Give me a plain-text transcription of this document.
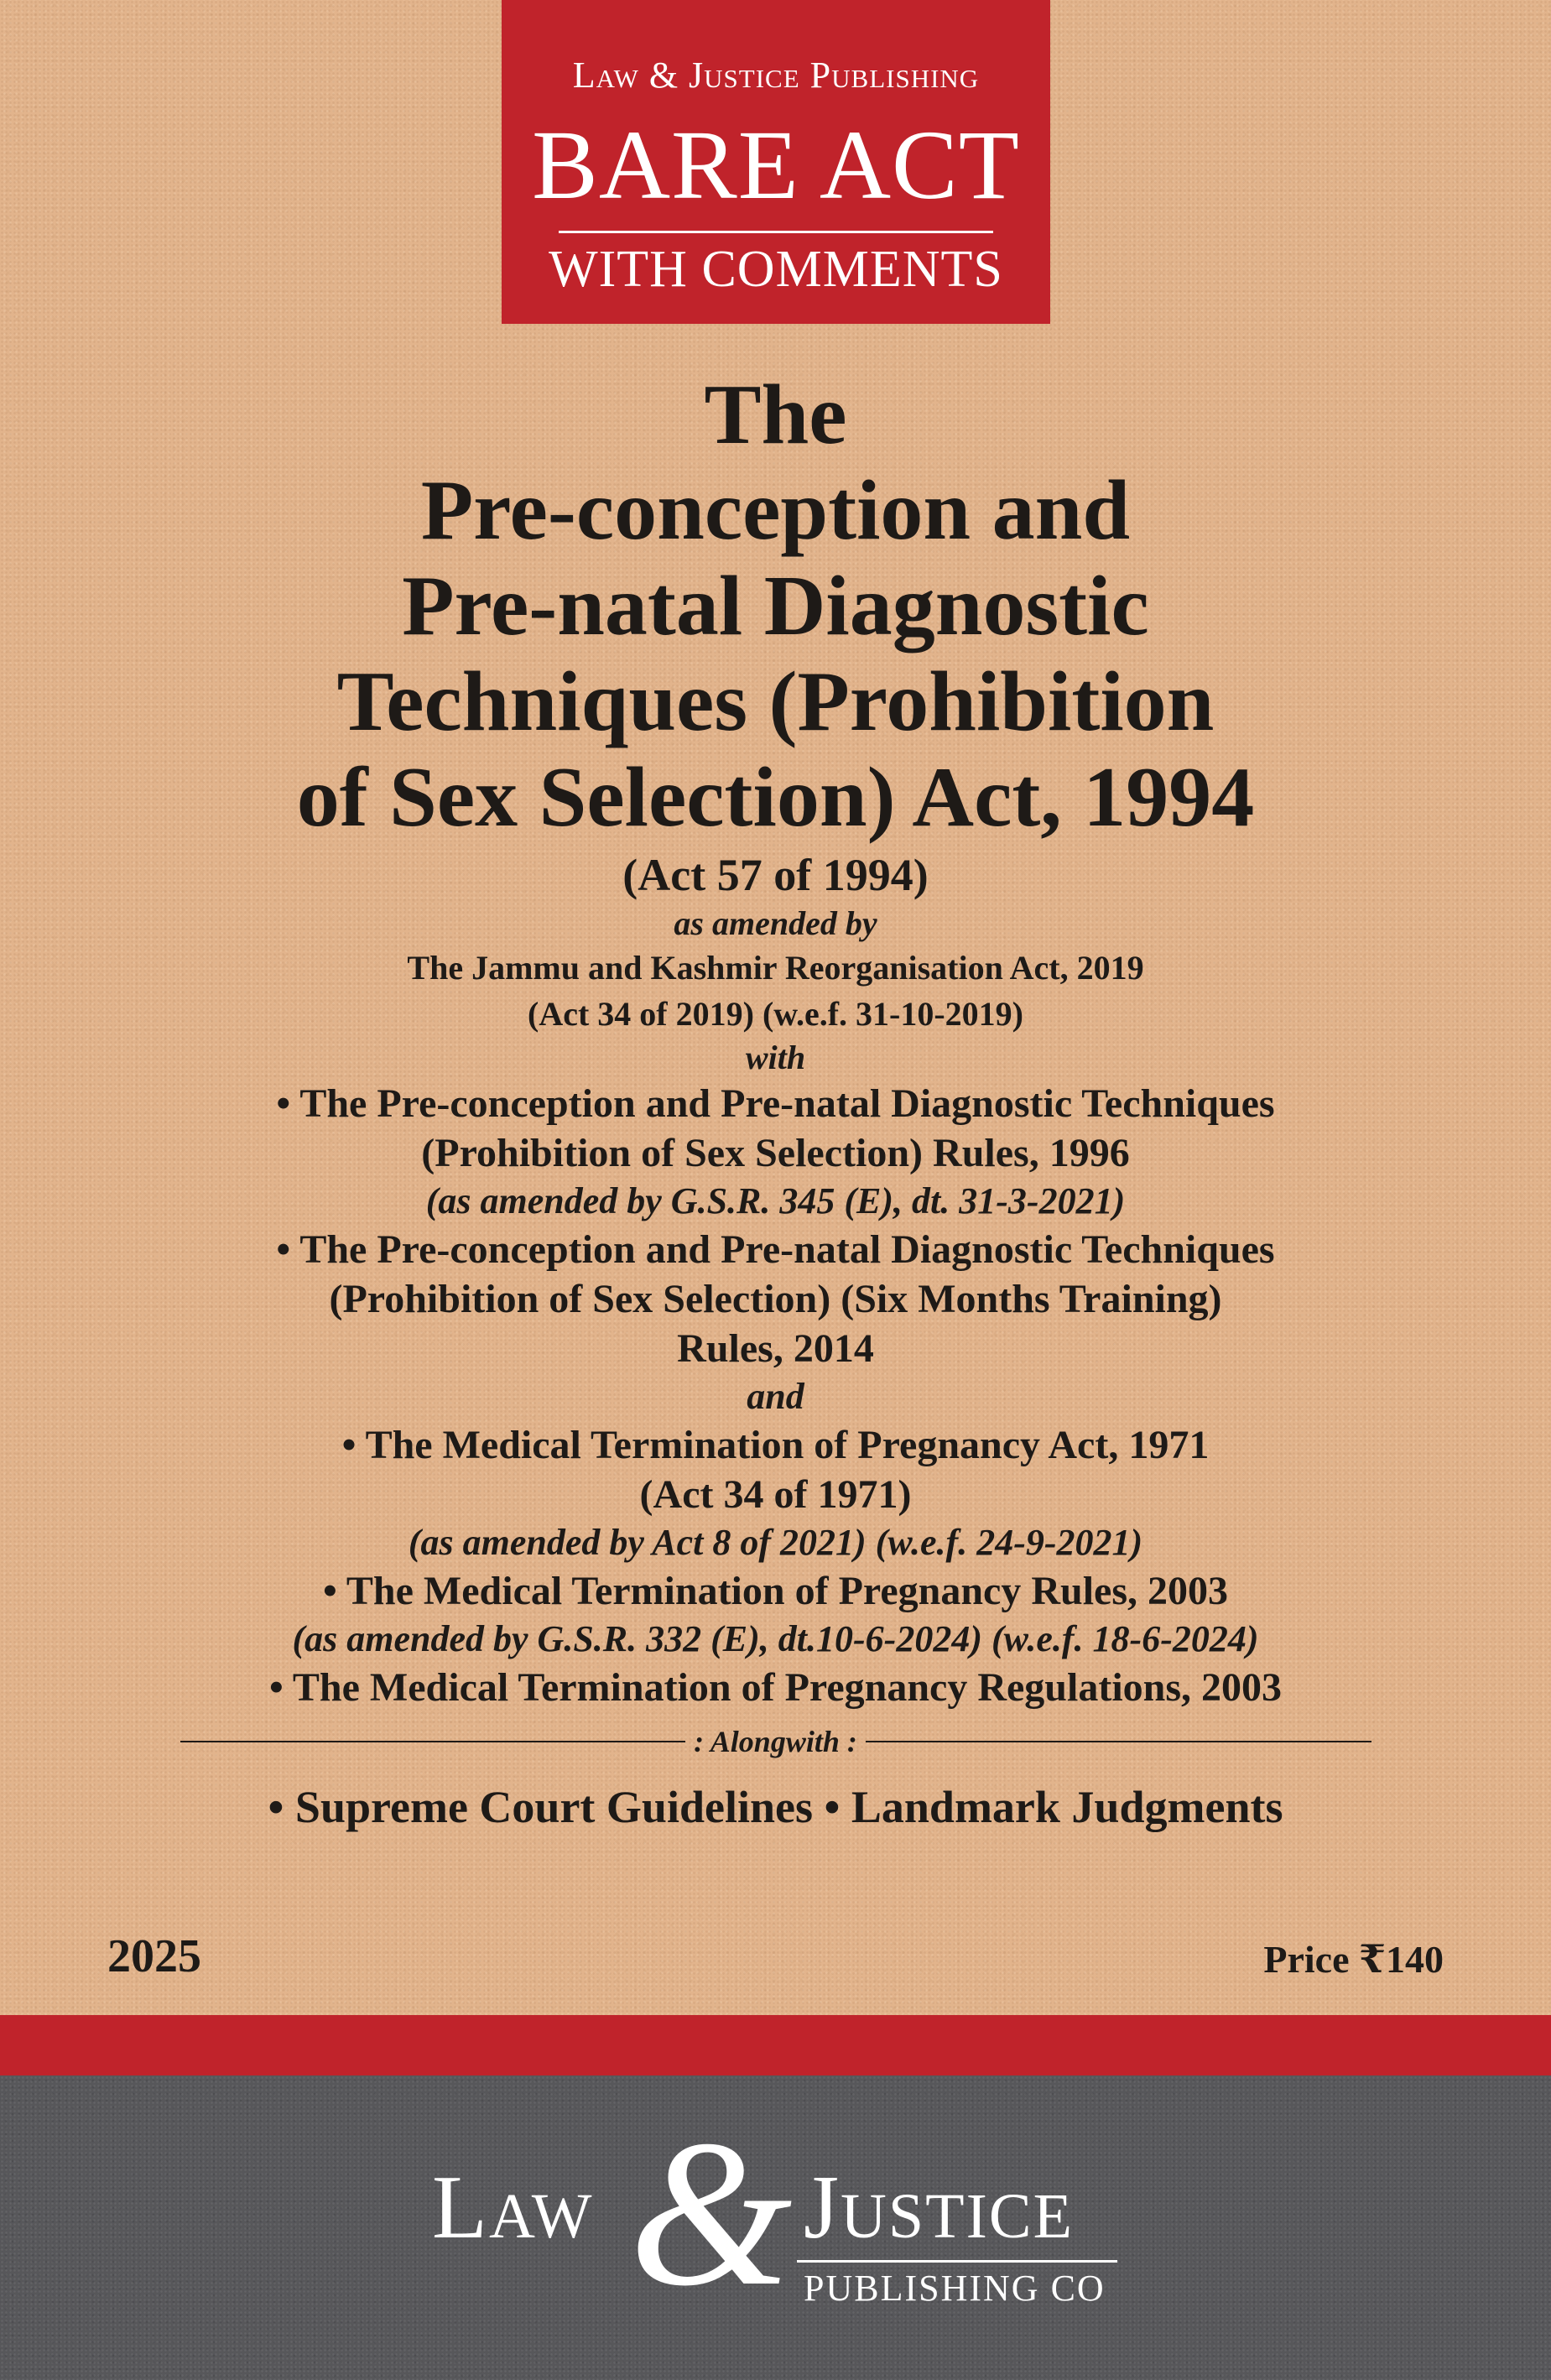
Law & Justice Publishing
BARE ACT
WITH COMMENTS
The
Pre-conception and
Pre-natal Diagnostic
Techniques (Prohibition
of Sex Selection) Act, 1994
(Act 57 of 1994)
as amended by
The Jammu and Kashmir Reorganisation Act, 2019
(Act 34 of 2019) (w.e.f. 31-10-2019)
with
• The Pre-conception and Pre-natal Diagnostic Techniques
(Prohibition of Sex Selection) Rules, 1996
(as amended by G.S.R. 345 (E), dt. 31-3-2021)
• The Pre-conception and Pre-natal Diagnostic Techniques
(Prohibition of Sex Selection) (Six Months Training)
Rules, 2014
and
• The Medical Termination of Pregnancy Act, 1971
(Act 34 of 1971)
(as amended by Act 8 of 2021) (w.e.f. 24-9-2021)
• The Medical Termination of Pregnancy Rules, 2003
(as amended by G.S.R. 332 (E), dt.10-6-2024) (w.e.f. 18-6-2024)
• The Medical Termination of Pregnancy Regulations, 2003
: Alongwith :
• Supreme Court Guidelines • Landmark Judgments
2025	Price ₹140
Law & Justice
PUBLISHING CO
